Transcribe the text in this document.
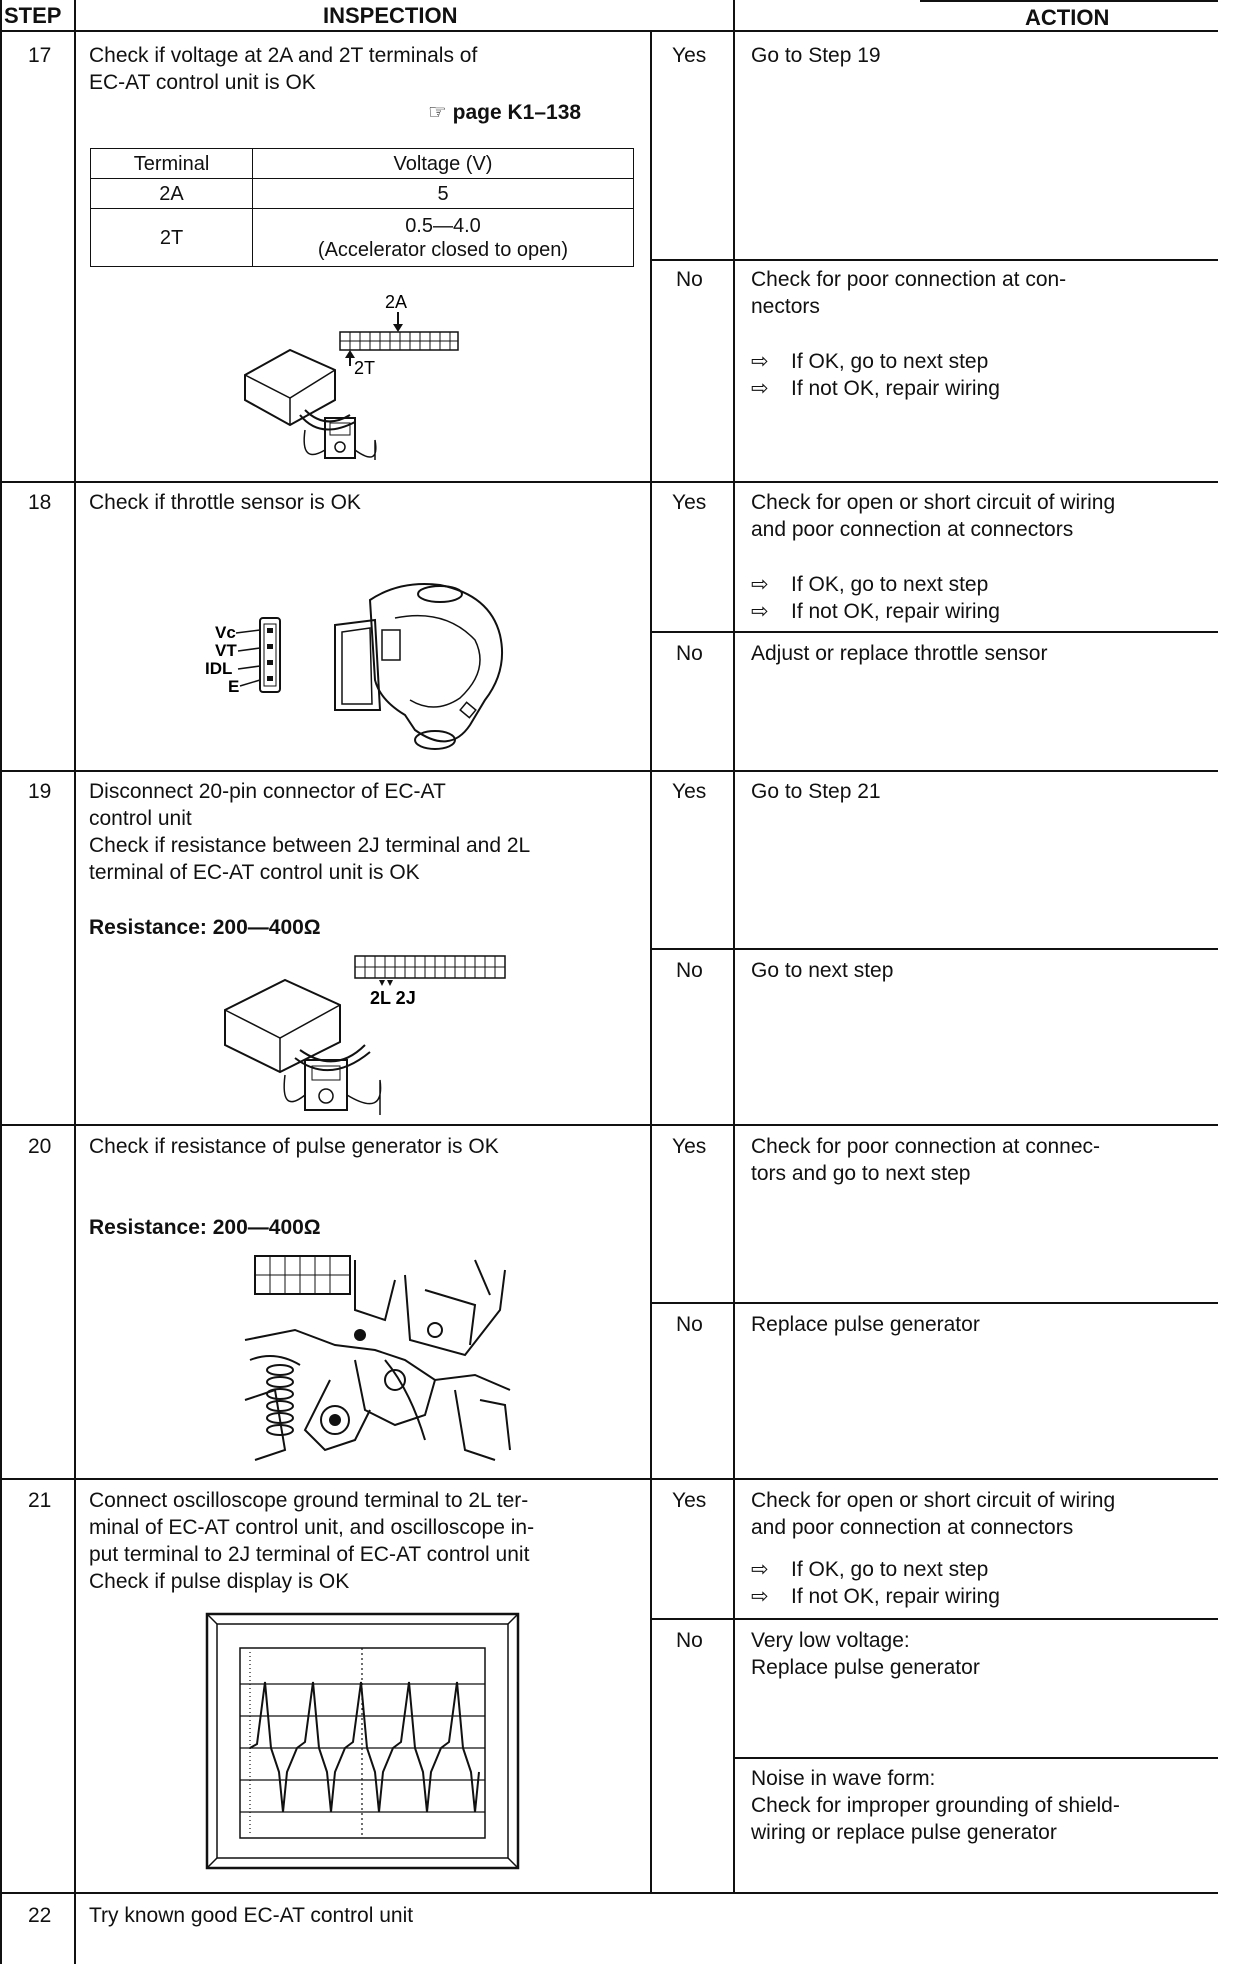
STEP	INSPECTION	ACTION
17 Check if voltage at 2A and 2T terminals of
EC-AT control unit is OK
☞ page K1–138
Terminal	Voltage (V)
2A	5
2T	0.5—4.0
(Accelerator closed to open)
2A
2T
Yes Go to Step 19
No Check for poor connection at con-
nectors
⇨ If OK, go to next step
⇨ If not OK, repair wiring
18 Check if throttle sensor is OK
Vc
VT
IDL
E
Yes Check for open or short circuit of wiring
and poor connection at connectors
⇨ If OK, go to next step
⇨ If not OK, repair wiring
No Adjust or replace throttle sensor
19 Disconnect 20-pin connector of EC-AT
control unit
Check if resistance between 2J terminal and 2L
terminal of EC-AT control unit is OK
Resistance: 200—400Ω
2L 2J
Yes Go to Step 21
No Go to next step
20 Check if resistance of pulse generator is OK
Resistance: 200—400Ω
Yes Check for poor connection at connec-
tors and go to next step
No Replace pulse generator
21 Connect oscilloscope ground terminal to 2L ter-
minal of EC-AT control unit, and oscilloscope in-
put terminal to 2J terminal of EC-AT control unit
Check if pulse display is OK
Yes Check for open or short circuit of wiring
and poor connection at connectors
⇨ If OK, go to next step
⇨ If not OK, repair wiring
No Very low voltage:
Replace pulse generator
Noise in wave form:
Check for improper grounding of shield-
wiring or replace pulse generator
22 Try known good EC-AT control unit
